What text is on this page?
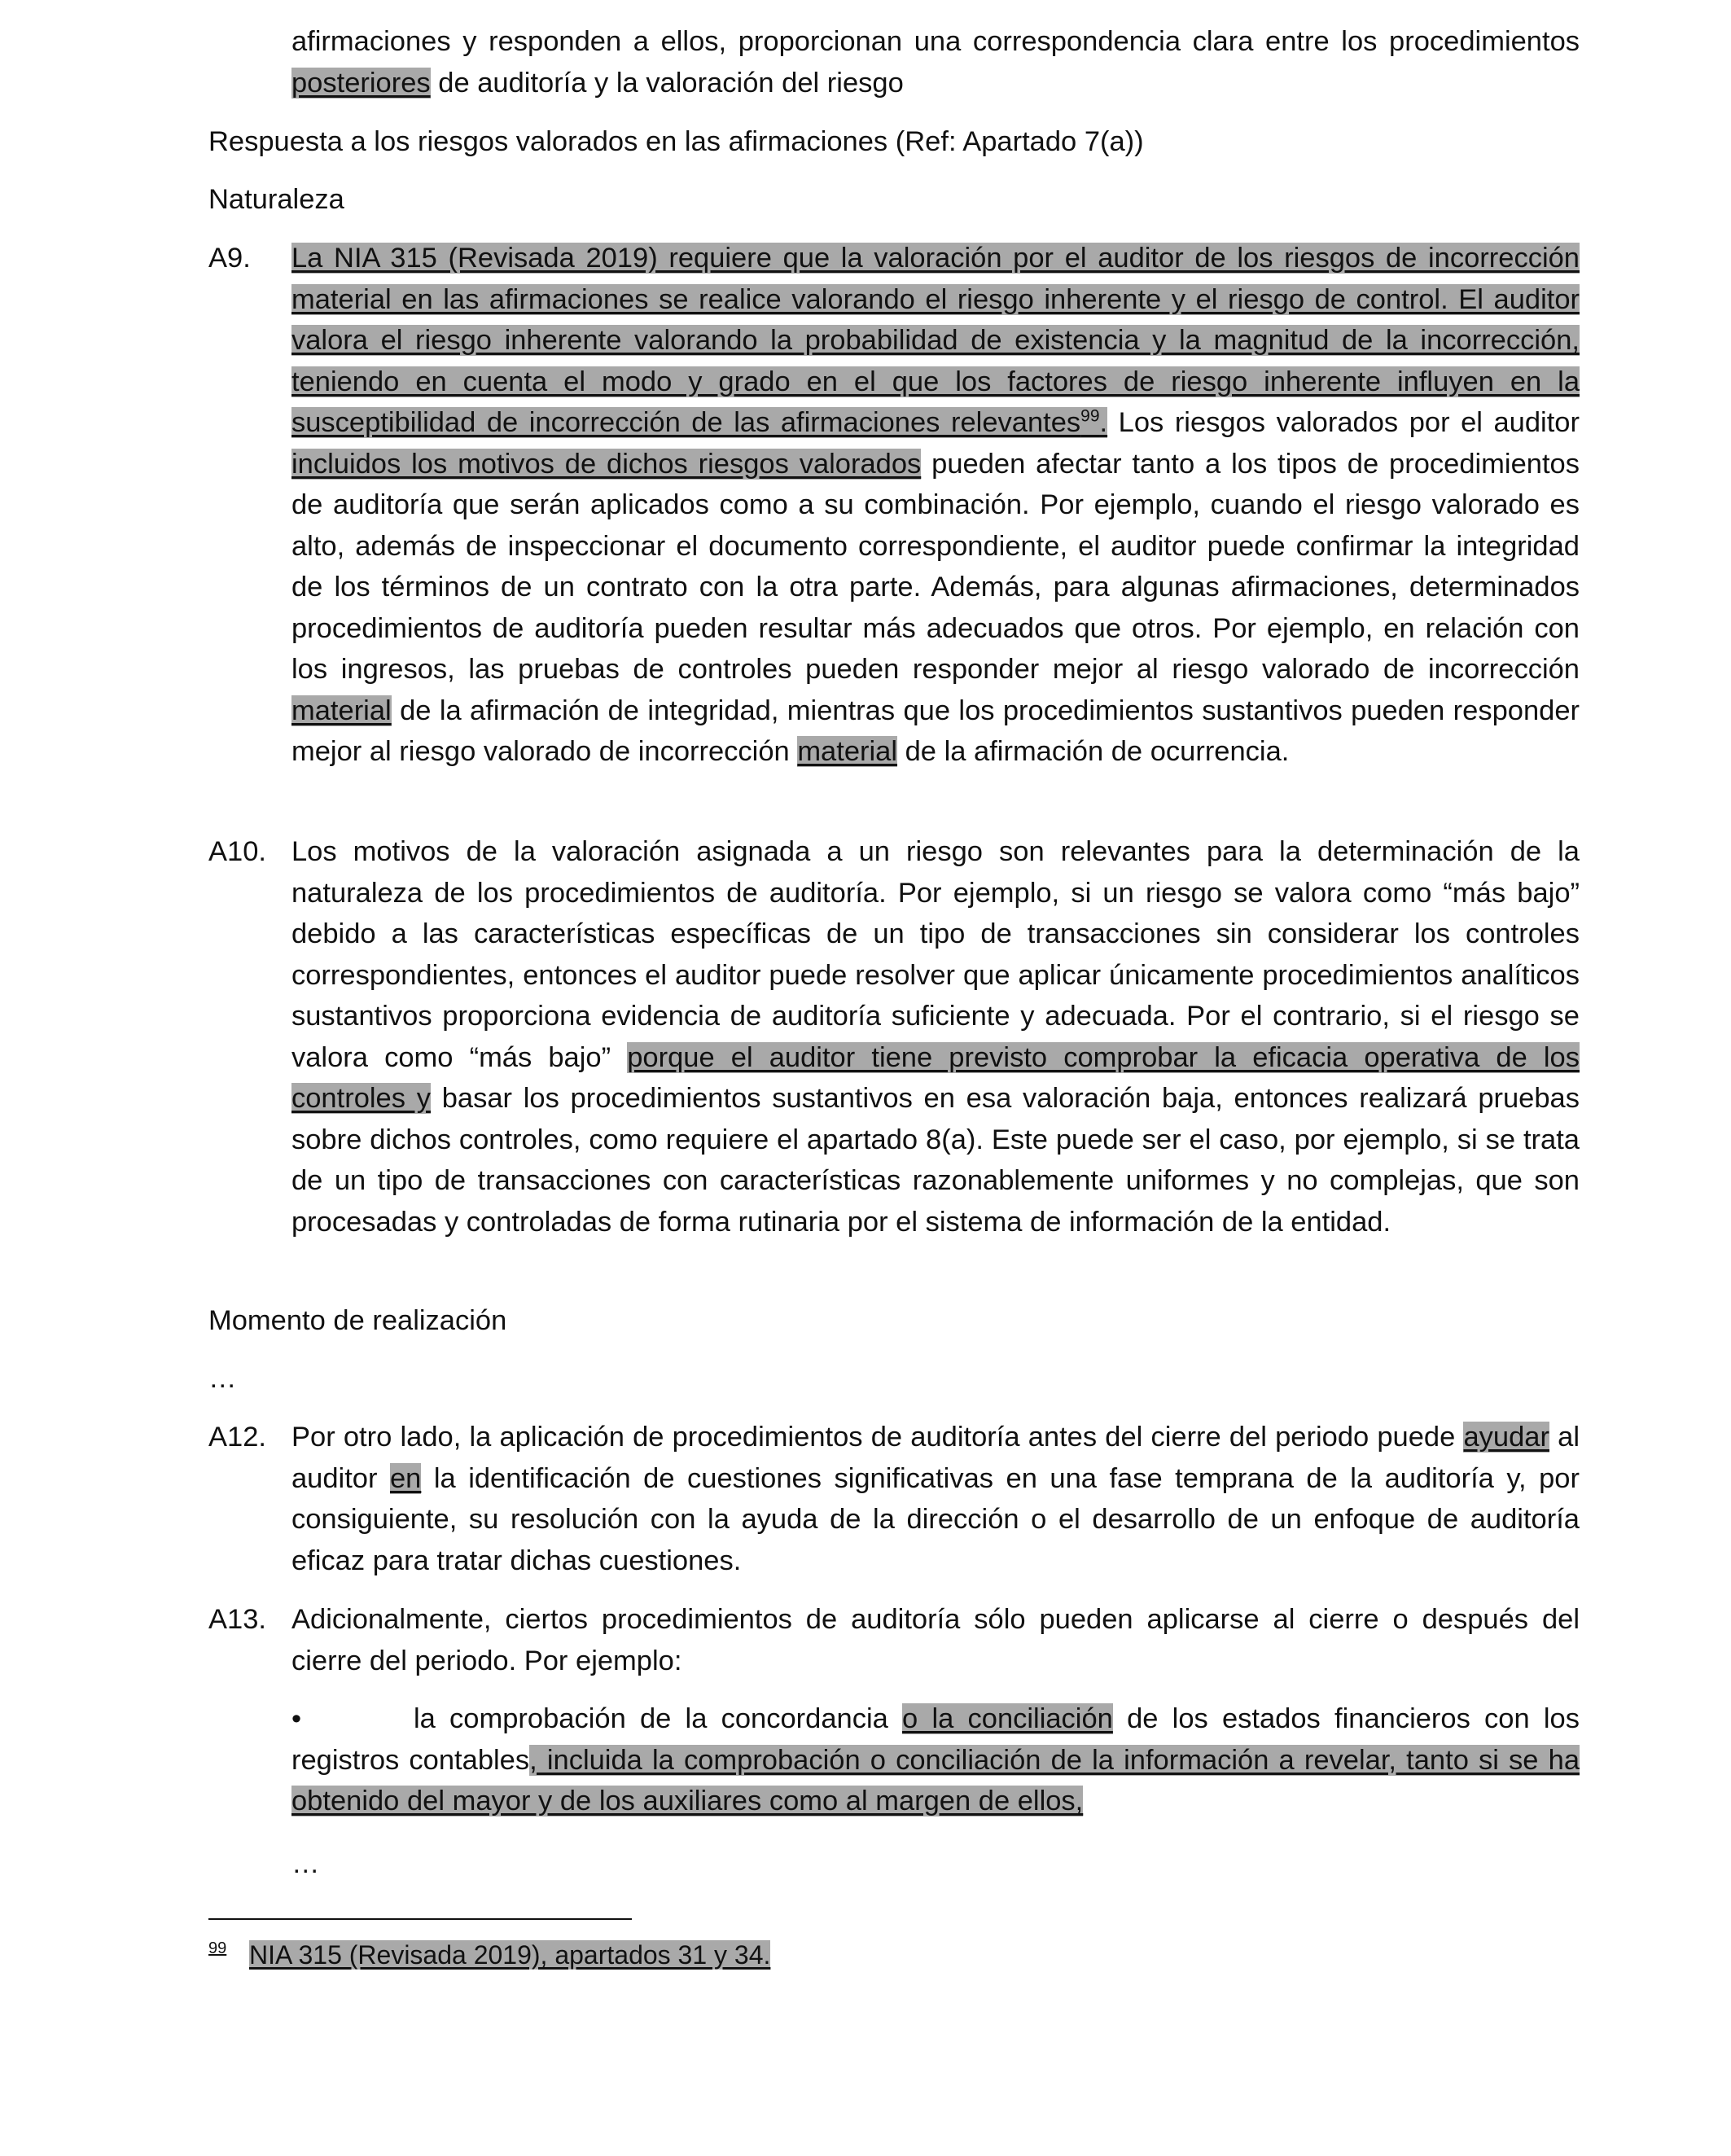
afirmaciones y responden a ellos, proporcionan una correspondencia clara entre los procedimientos posteriores de auditoría y la valoración del riesgo
Respuesta a los riesgos valorados en las afirmaciones (Ref: Apartado 7(a))
Naturaleza
A9.	La NIA 315 (Revisada 2019) requiere que la valoración por el auditor de los riesgos de incorrección material en las afirmaciones se realice valorando el riesgo inherente y el riesgo de control. El auditor valora el riesgo inherente valorando la probabilidad de existencia y la magnitud de la incorrección, teniendo en cuenta el modo y grado en el que los factores de riesgo inherente influyen en la susceptibilidad de incorrección de las afirmaciones relevantes$^{99}$. Los riesgos valorados por el auditor incluidos los motivos de dichos riesgos valorados pueden afectar tanto a los tipos de procedimientos de auditoría que serán aplicados como a su combinación. Por ejemplo, cuando el riesgo valorado es alto, además de inspeccionar el documento correspondiente, el auditor puede confirmar la integridad de los términos de un contrato con la otra parte. Además, para algunas afirmaciones, determinados procedimientos de auditoría pueden resultar más adecuados que otros. Por ejemplo, en relación con los ingresos, las pruebas de controles pueden responder mejor al riesgo valorado de incorrección material de la afirmación de integridad, mientras que los procedimientos sustantivos pueden responder mejor al riesgo valorado de incorrección material de la afirmación de ocurrencia.
A10. Los motivos de la valoración asignada a un riesgo son relevantes para la determinación de la naturaleza de los procedimientos de auditoría. Por ejemplo, si un riesgo se valora como “más bajo” debido a las características específicas de un tipo de transacciones sin considerar los controles correspondientes, entonces el auditor puede resolver que aplicar únicamente procedimientos analíticos sustantivos proporciona evidencia de auditoría suficiente y adecuada. Por el contrario, si el riesgo se valora como “más bajo” porque el auditor tiene previsto comprobar la eficacia operativa de los controles y basar los procedimientos sustantivos en esa valoración baja, entonces realizará pruebas sobre dichos controles, como requiere el apartado 8(a). Este puede ser el caso, por ejemplo, si se trata de un tipo de transacciones con características razonablemente uniformes y no complejas, que son procesadas y controladas de forma rutinaria por el sistema de información de la entidad.
Momento de realización
…
A12. Por otro lado, la aplicación de procedimientos de auditoría antes del cierre del periodo puede ayudar al auditor en la identificación de cuestiones significativas en una fase temprana de la auditoría y, por consiguiente, su resolución con la ayuda de la dirección o el desarrollo de un enfoque de auditoría eficaz para tratar dichas cuestiones.
A13. Adicionalmente, ciertos procedimientos de auditoría sólo pueden aplicarse al cierre o después del cierre del periodo. Por ejemplo:
•	la comprobación de la concordancia o la conciliación de los estados financieros con los registros contables, incluida la comprobación o conciliación de la información a revelar, tanto si se ha obtenido del mayor y de los auxiliares como al margen de ellos,
…
99 NIA 315 (Revisada 2019), apartados 31 y 34.
